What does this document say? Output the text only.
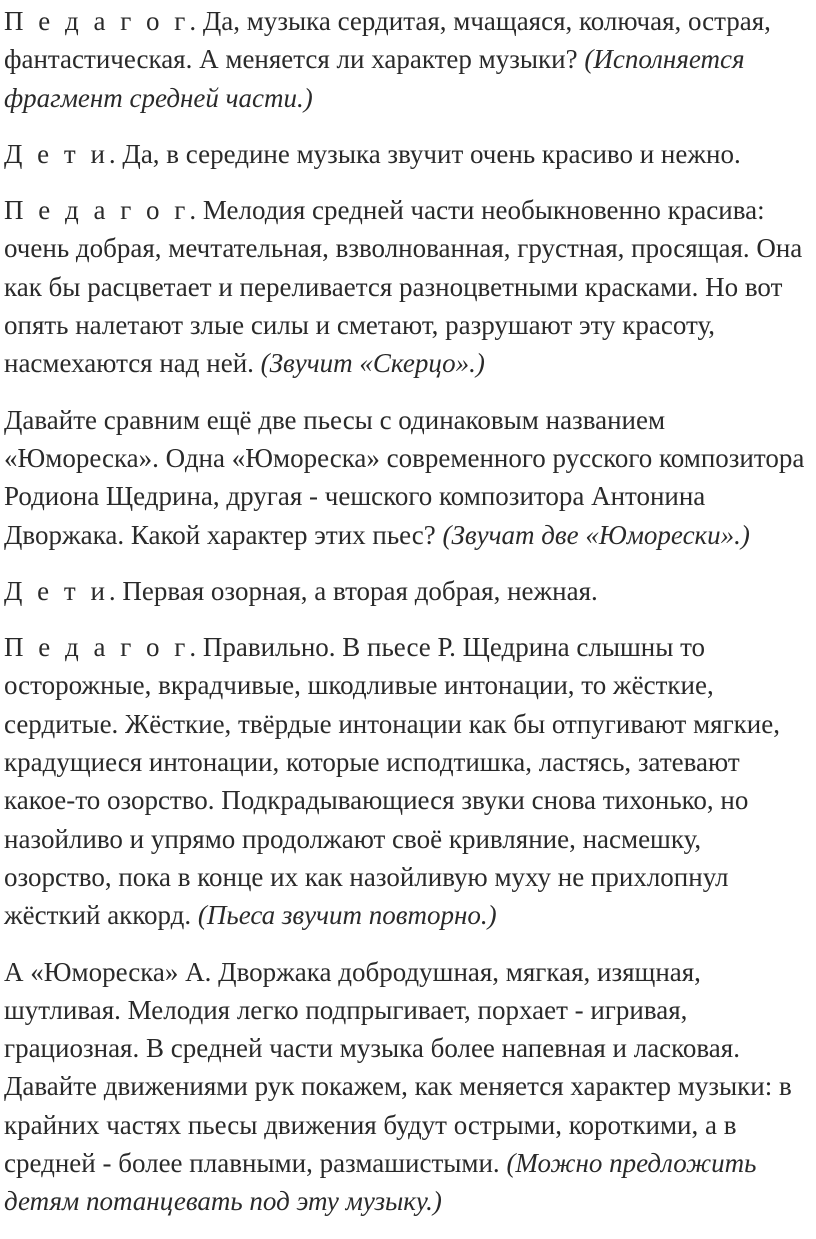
П е д а г о г. Да, музыка сердитая, мчащаяся, колючая, острая, фантастическая. А меняется ли характер музыки? (Исполняется фрагмент средней части.)

Д е т и. Да, в середине музыка звучит очень красиво и нежно.

П е д а г о г. Мелодия средней части необыкновенно красива: очень добрая, мечтательная, взволнованная, грустная, просящая. Она как бы расцветает и переливается разноцветными красками. Но вот опять налетают злые силы и сметают, разрушают эту красоту, насмехаются над ней. (Звучит «Скерцо».)

Давайте сравним ещё две пьесы с одинаковым названием «Юмореска». Одна «Юмореска» современного русского композитора Родиона Щедрина, другая - чешского композитора Антонина Дворжака. Какой характер этих пьес? (Звучат две «Юморески».)

Д е т и. Первая озорная, а вторая добрая, нежная.

П е д а г о г. Правильно. В пьесе Р. Щедрина слышны то осторожные, вкрадчивые, шкодливые интонации, то жёсткие, сердитые. Жёсткие, твёрдые интонации как бы отпугивают мягкие, крадущиеся интонации, которые исподтишка, ластясь, затевают какое-то озорство. Подкрадывающиеся звуки снова тихонько, но назойливо и упрямо продолжают своё кривляние, насмешку, озорство, пока в конце их как назойливую муху не прихлопнул жёсткий аккорд. (Пьеса звучит повторно.)

А «Юмореска» А. Дворжака добродушная, мягкая, изящная, шутливая. Мелодия легко подпрыгивает, порхает - игривая, грациозная. В средней части музыка более напевная и ласковая. Давайте движениями рук покажем, как меняется характер музыки: в крайних частях пьесы движения будут острыми, короткими, а в средней - более плавными, размашистыми. (Можно предложить детям потанцевать под эту музыку.)
